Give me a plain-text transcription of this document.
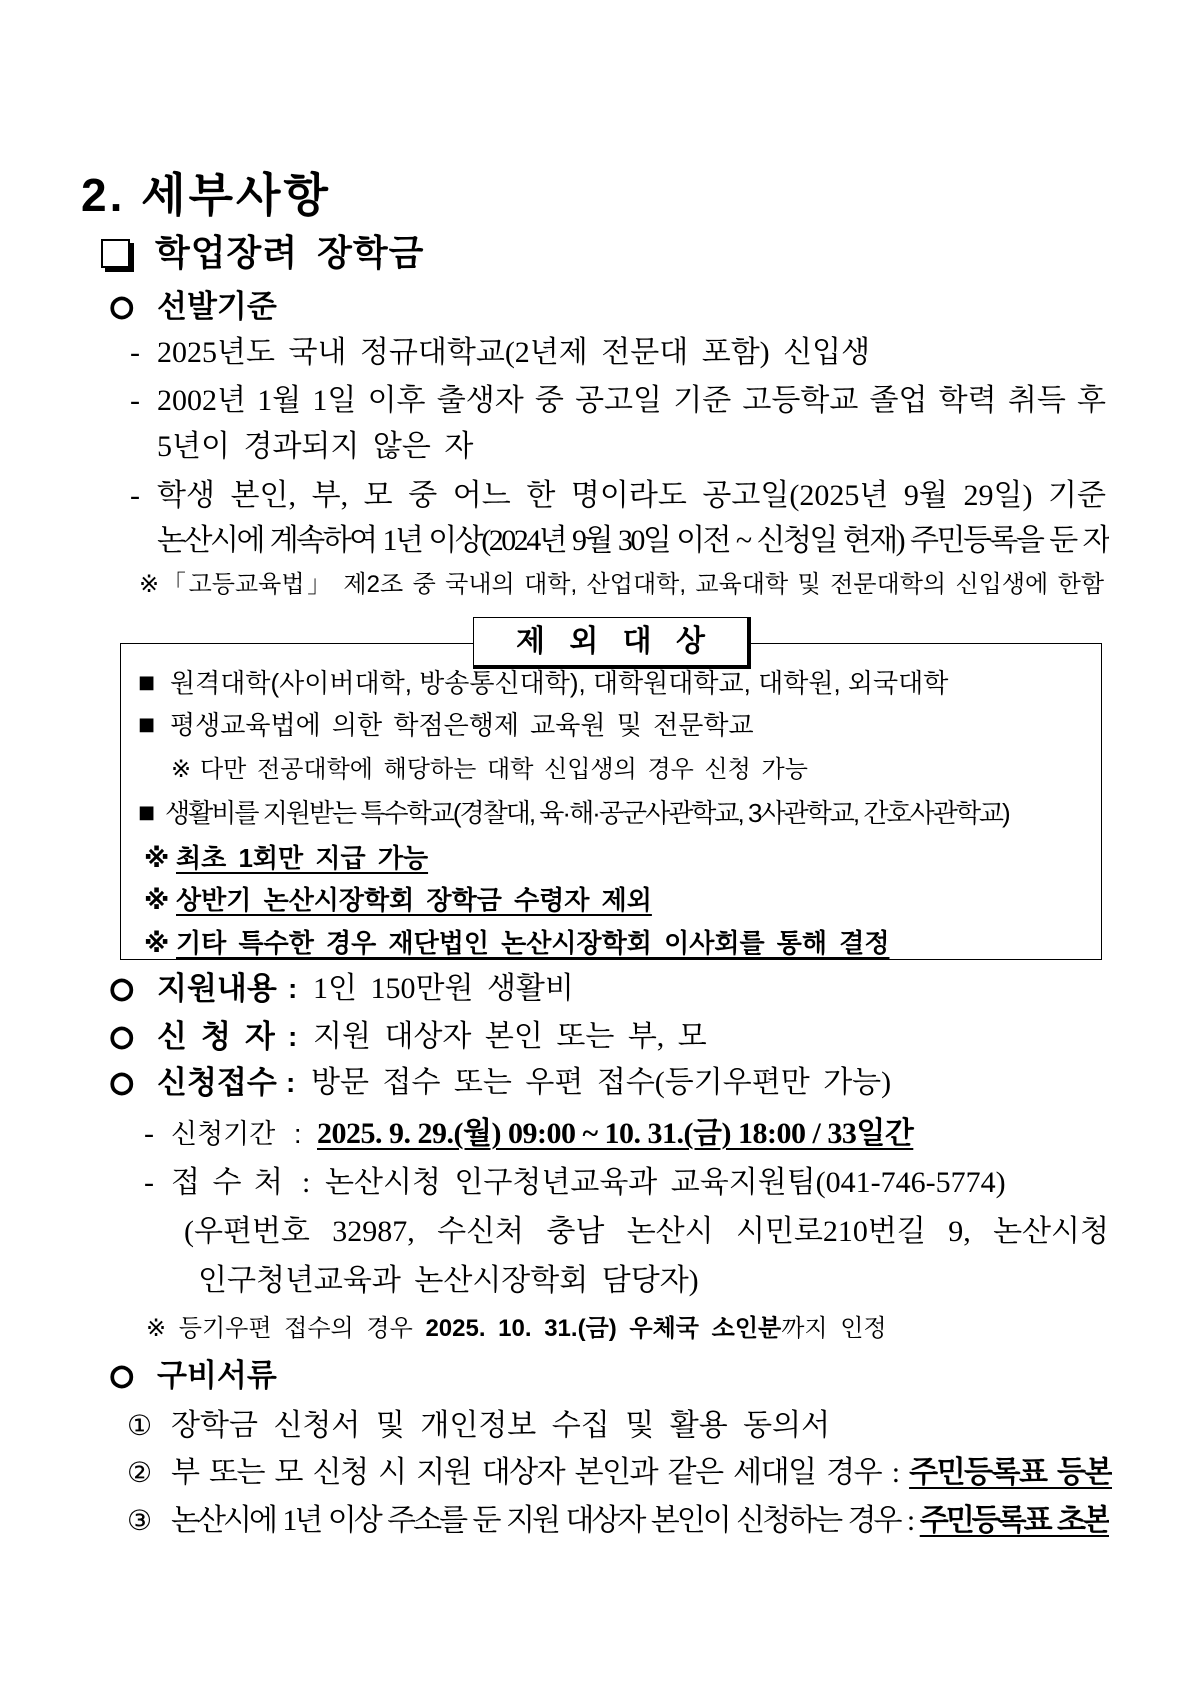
2. 세부사항
학업장려 장학금
○ 선발기준
- 2025년도 국내 정규대학교(2년제 전문대 포함) 신입생
- 2002년 1월 1일 이후 출생자 중 공고일 기준 고등학교 졸업 학력 취득 후
5년이 경과되지 않은 자
- 학생 본인, 부, 모 중 어느 한 명이라도 공고일(2025년 9월 29일) 기준
논산시에 계속하여 1년 이상(2024년 9월 30일 이전 ~ 신청일 현재) 주민등록을 둔 자
※「고등교육법」 제2조 중 국내의 대학, 산업대학, 교육대학 및 전문대학의 신입생에 한함
제 외 대 상
■ 원격대학(사이버대학, 방송통신대학), 대학원대학교, 대학원, 외국대학
■ 평생교육법에 의한 학점은행제 교육원 및 전문학교
※ 다만 전공대학에 해당하는 대학 신입생의 경우 신청 가능
■ 생활비를 지원받는 특수학교(경찰대, 육·해·공군사관학교, 3사관학교, 간호사관학교)
※ 최초 1회만 지급 가능
※ 상반기 논산시장학회 장학금 수령자 제외
※ 기타 특수한 경우 재단법인 논산시장학회 이사회를 통해 결정
○ 지원내용 : 1인 150만원 생활비
○ 신 청 자 : 지원 대상자 본인 또는 부, 모
○ 신청접수 : 방문 접수 또는 우편 접수(등기우편만 가능)
- 신청기간 : 2025. 9. 29.(월) 09:00 ~ 10. 31.(금) 18:00 / 33일간
- 접 수 처 : 논산시청 인구청년교육과 교육지원팀(041-746-5774)
(우편번호 32987, 수신처 충남 논산시 시민로210번길 9, 논산시청
인구청년교육과 논산시장학회 담당자)
※ 등기우편 접수의 경우 2025. 10. 31.(금) 우체국 소인분까지 인정
○ 구비서류
① 장학금 신청서 및 개인정보 수집 및 활용 동의서
② 부 또는 모 신청 시 지원 대상자 본인과 같은 세대일 경우 : 주민등록표 등본
③ 논산시에 1년 이상 주소를 둔 지원 대상자 본인이 신청하는 경우 : 주민등록표 초본
